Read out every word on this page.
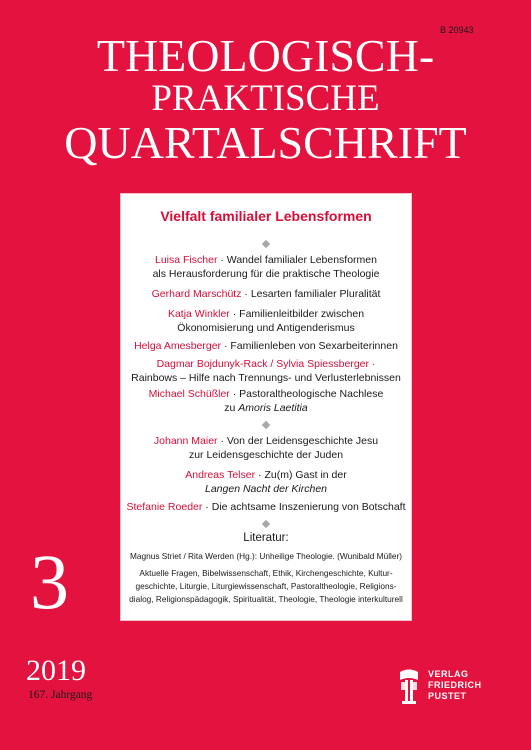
B 20943
THEOLOGISCH-
PRAKTISCHE
QUARTALSCHRIFT
Vielfalt familialer Lebensformen
Luisa Fischer · Wandel familialer Lebensformen
als Herausforderung für die praktische Theologie
Gerhard Marschütz · Lesarten familialer Pluralität
Katja Winkler · Familienleitbilder zwischen
Ökonomisierung und Antigenderismus
Helga Amesberger · Familienleben von Sexarbeiterinnen
Dagmar Bojdunyk-Rack / Sylvia Spiessberger ·
Rainbows – Hilfe nach Trennungs- und Verlusterlebnissen
Michael Schüßler · Pastoraltheologische Nachlese
zu Amoris Laetitia
Johann Maier · Von der Leidensgeschichte Jesu
zur Leidensgeschichte der Juden
Andreas Telser · Zu(m) Gast in der
Langen Nacht der Kirchen
Stefanie Roeder · Die achtsame Inszenierung von Botschaft
Literatur:
Magnus Striet / Rita Werden (Hg.): Unheilige Theologie. (Wunibald Müller)
Aktuelle Fragen, Bibelwissenschaft, Ethik, Kirchengeschichte, Kultur-
geschichte, Liturgie, Liturgiewissenschaft, Pastoraltheologie, Religions-
dialog, Religionspädagogik, Spiritualität, Theologie, Theologie interkulturell
3
2019
167. Jahrgang
VERLAG
FRIEDRICH
PUSTET
